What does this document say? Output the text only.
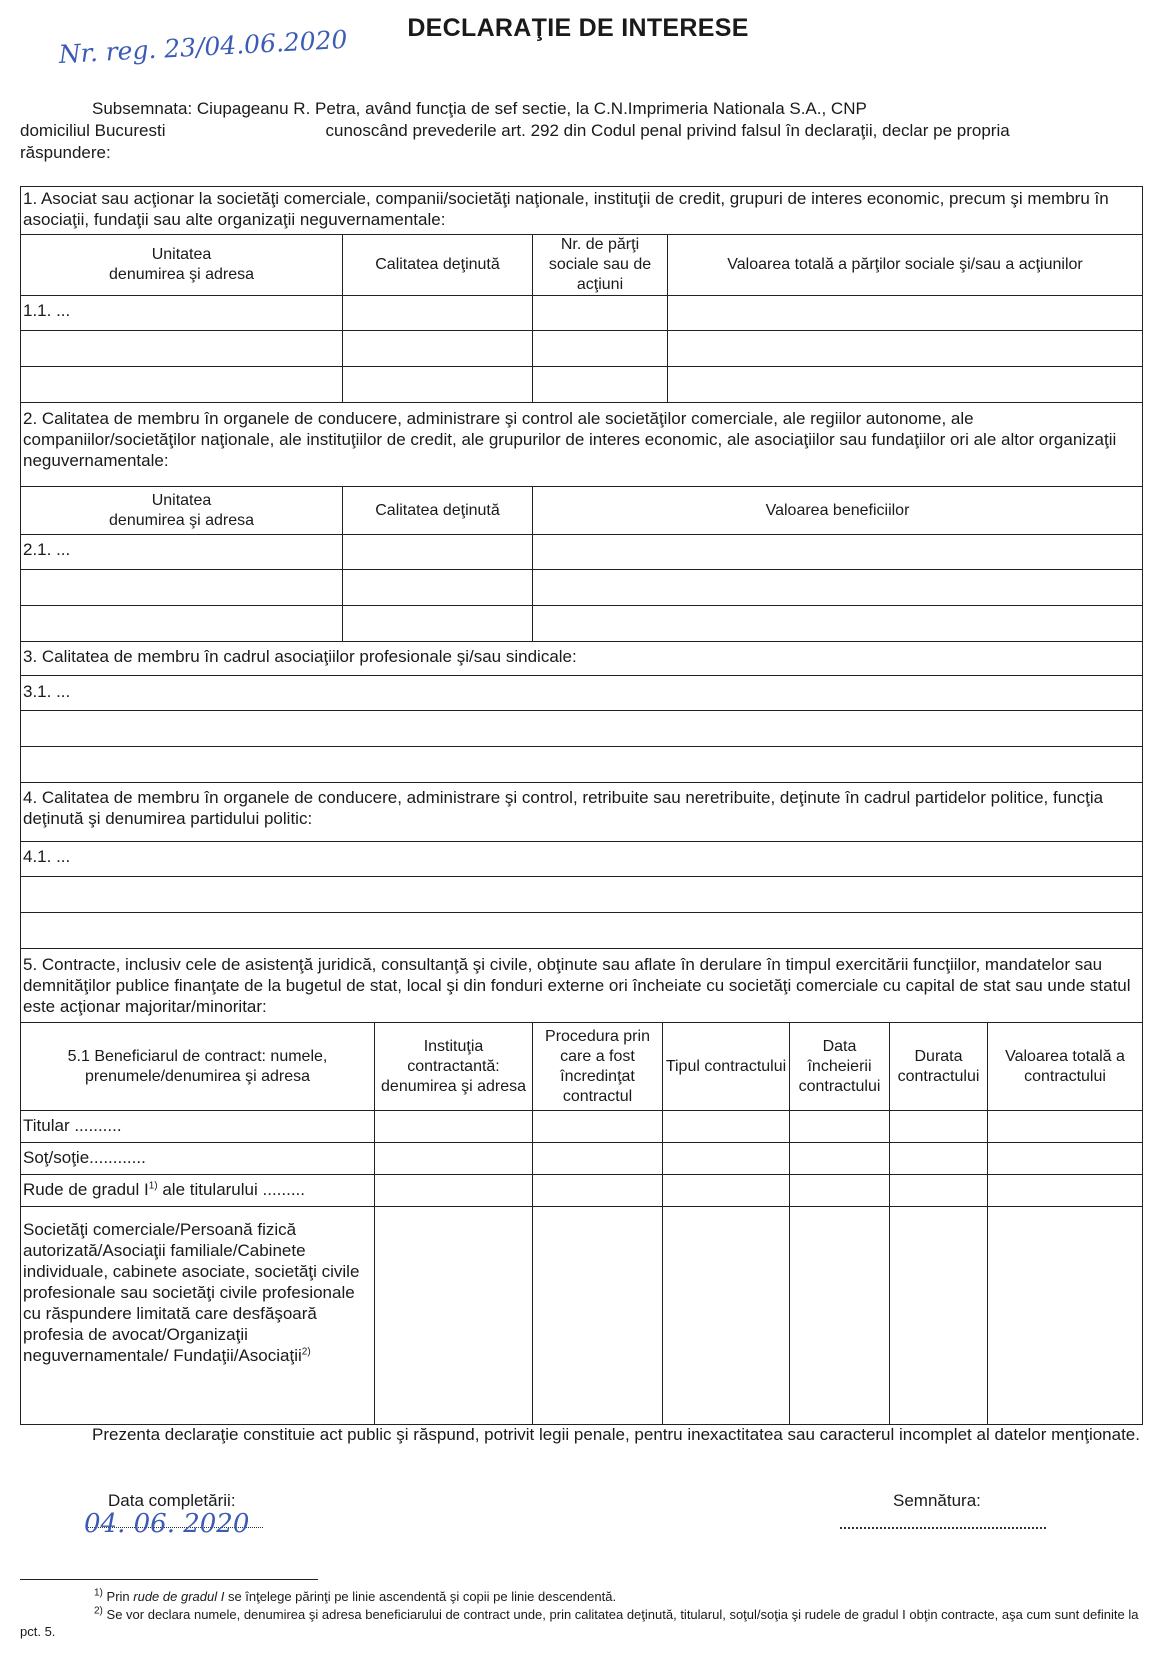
DECLARAŢIE DE INTERESE
Nr. reg. 23/04.06.2020
Subsemnata: Ciupageanu R. Petra, având funcţia de sef sectie, la C.N.Imprimeria Nationala S.A., CNP
domiciliul Bucuresti	cunoscând prevederile art. 292 din Codul penal privind falsul în declaraţii, declar pe propria
răspundere:
1. Asociat sau acţionar la societăţi comerciale, companii/societăţi naţionale, instituţii de credit, grupuri de interes economic, precum şi membru în asociaţii, fundaţii sau alte organizaţii neguvernamentale:								
Unitatea
denumirea şi adresa	Calitatea deţinută		Nr. de părţi sociale sau de acţiuni		Valoarea totală a părţilor sociale şi/sau a acţiunilor			
1.1. ...								

2. Calitatea de membru în organele de conducere, administrare şi control ale societăţilor comerciale, ale regiilor autonome, ale companiilor/societăţilor naţionale, ale instituţiilor de credit, ale grupurilor de interes economic, ale asociaţiilor sau fundaţiilor ori ale altor organizaţii neguvernamentale:								
Unitatea
denumirea şi adresa	Calitatea deţinută		Valoarea beneficiilor					
2.1. ...								

3. Calitatea de membru în cadrul asociaţiilor profesionale şi/sau sindicale:								
3.1. ...								

4. Calitatea de membru în organele de conducere, administrare şi control, retribuite sau neretribuite, deţinute în cadrul partidelor politice, funcţia deţinută şi denumirea partidului politic:								
4.1. ...								

5. Contracte, inclusiv cele de asistenţă juridică, consultanţă şi civile, obţinute sau aflate în derulare în timpul exercitării funcţiilor, mandatelor sau demnităţilor publice finanţate de la bugetul de stat, local şi din fonduri externe ori încheiate cu societăţi comerciale cu capital de stat sau unde statul este acţionar majoritar/minoritar:								
5.1 Beneficiarul de contract: numele, prenumele/denumirea şi adresa		Instituţia contractantă: denumirea şi adresa	Procedura prin care a fost încredinţat contractul	Tipul contractului		Data încheierii contractului	Durata contractului	Valoarea totală a contractului
Titular ..........								
Soţ/soţie............								
Rude de gradul $I^{1)}$ ale titularului .........								
Societăţi comerciale/Persoană fizică autorizată/Asociaţii familiale/Cabinete individuale, cabinete asociate, societăţi civile profesionale sau societăţi civile profesionale cu răspundere limitată care desfăşoară profesia de avocat/Organizaţii neguvernamentale/ Fundaţii/Asociaţii$^{2)}$						
Prezenta declaraţie constituie act public şi răspund, potrivit legii penale, pentru inexactitatea sau caracterul incomplet al datelor menţionate.
Data completării:
04. 06. 2020
Semnătura:
$^{1)}$ Prin rude de gradul I se înţelege părinţi pe linie ascendentă şi copii pe linie descendentă.
$^{2)}$ Se vor declara numele, denumirea şi adresa beneficiarului de contract unde, prin calitatea deţinută, titularul, soţul/soţia şi rudele de gradul I obţin contracte, aşa cum sunt definite la pct. 5.
